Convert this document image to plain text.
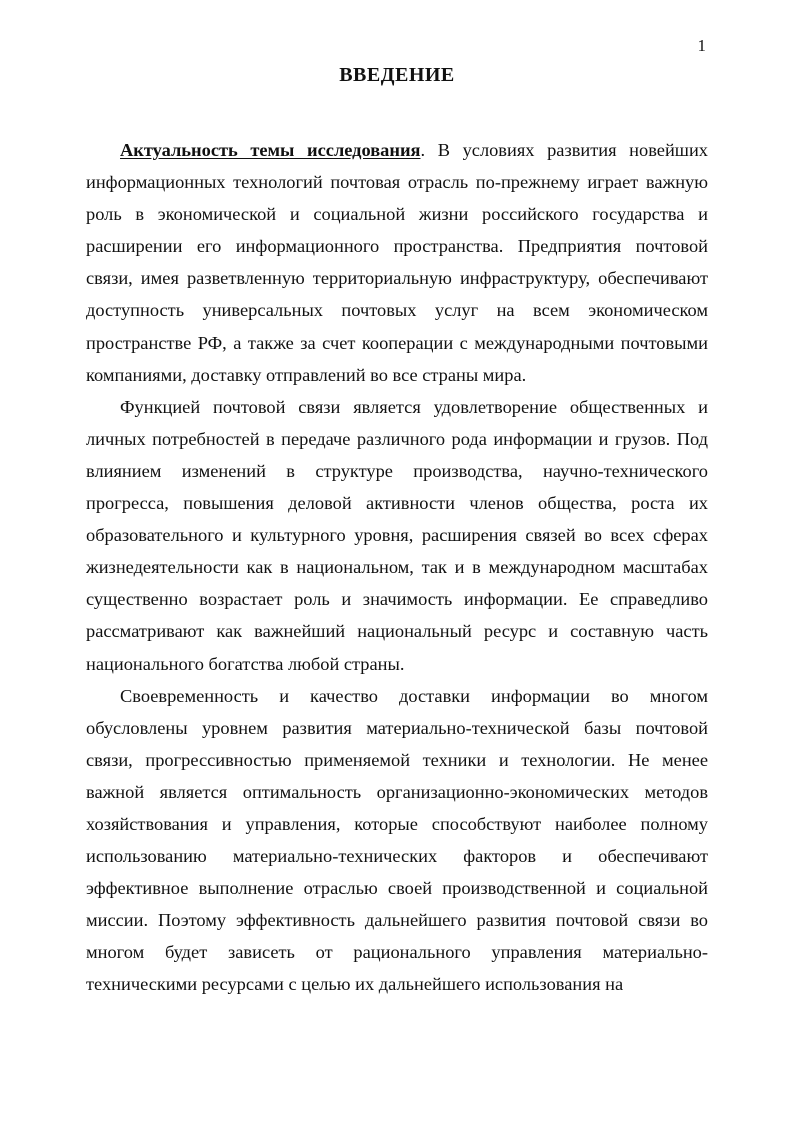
1
ВВЕДЕНИЕ

Актуальность темы исследования. В условиях развития новейших информационных технологий почтовая отрасль по-прежнему играет важную роль в экономической и социальной жизни российского государства и расширении его информационного пространства. Предприятия почтовой связи, имея разветвленную территориальную инфраструктуру, обеспечивают доступность универсальных почтовых услуг на всем экономическом пространстве РФ, а также за счет кооперации с международными почтовыми компаниями, доставку отправлений во все страны мира.

Функцией почтовой связи является удовлетворение общественных и личных потребностей в передаче различного рода информации и грузов. Под влиянием изменений в структуре производства, научно-технического прогресса, повышения деловой активности членов общества, роста их образовательного и культурного уровня, расширения связей во всех сферах жизнедеятельности как в национальном, так и в международном масштабах существенно возрастает роль и значимость информации. Ее справедливо рассматривают как важнейший национальный ресурс и составную часть национального богатства любой страны.

Своевременность и качество доставки информации во многом обусловлены уровнем развития материально-технической базы почтовой связи, прогрессивностью применяемой техники и технологии. Не менее важной является оптимальность организационно-экономических методов хозяйствования и управления, которые способствуют наиболее полному использованию материально-технических факторов и обеспечивают эффективное выполнение отраслью своей производственной и социальной миссии. Поэтому эффективность дальнейшего развития почтовой связи во многом будет зависеть от рационального управления материально-техническими ресурсами с целью их дальнейшего использования на
